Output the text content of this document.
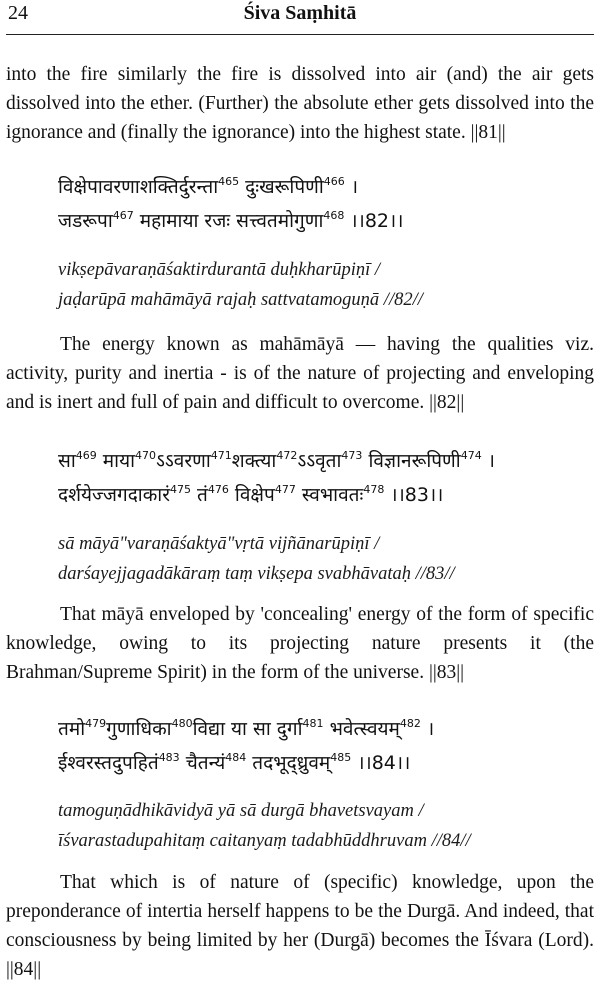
24	Śiva Saṃhitā
into the fire similarly the fire is dissolved into air (and) the air gets dissolved into the ether. (Further) the absolute ether gets dissolved into the ignorance and (finally the ignorance) into the highest state. ||81||
विक्षेपावरणाशक्तिर्दुरन्ता$^{465}$ दुःखरूपिणी$^{466}$ ।
जडरूपा$^{467}$ महामाया रजः सत्त्वतमोगुणा$^{468}$ ।।82।।
vikṣepāvaraṇāśaktirdurantā duḥkharūpiṇī /
jaḍarūpā mahāmāyā rajaḥ sattvatamoguṇā //82//
The energy known as mahāmāyā — having the qualities viz. activity, purity and inertia - is of the nature of projecting and enveloping and is inert and full of pain and difficult to overcome. ||82||
सा$^{469}$ माया$^{470}$ऽऽवरणा$^{471}$शक्त्या$^{472}$ऽऽवृता$^{473}$ विज्ञानरूपिणी$^{474}$ ।
दर्शयेज्जगदाकारं$^{475}$ तं$^{476}$ विक्षेप$^{477}$ स्वभावतः$^{478}$ ।।83।।
sā māyā"varaṇāśaktyā"vṛtā vijñānarūpiṇī /
darśayejjagadākāraṃ taṃ vikṣepa svabhāvataḥ //83//
That māyā enveloped by 'concealing' energy of the form of specific knowledge, owing to its projecting nature presents it (the Brahman/Supreme Spirit) in the form of the universe. ||83||
तमो$^{479}$गुणाधिका$^{480}$विद्या या सा दुर्गा$^{481}$ भवेत्स्वयम्$^{482}$ ।
ईश्वरस्तदुपहितं$^{483}$ चैतन्यं$^{484}$ तदभूद्ध्रुवम्$^{485}$ ।।84।।
tamoguṇādhikāvidyā yā sā durgā bhavetsvayam /
īśvarastadupahitaṃ caitanyaṃ tadabhūddhruvam //84//
That which is of nature of (specific) knowledge, upon the preponderance of intertia herself happens to be the Durgā. And indeed, that consciousness by being limited by her (Durgā) becomes the Īśvara (Lord). ||84||
